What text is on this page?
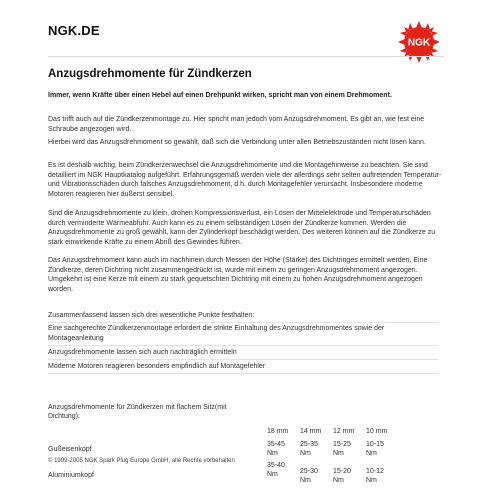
NGK.DE
NGK
Anzugsdrehmomente für Zündkerzen

Immer, wenn Kräfte über einen Hebel auf einen Drehpunkt wirken, spricht man von einem Drehmoment.

Das trifft auch auf die Zündkerzenmontage zu. Hier spricht man jedoch vom Anzugsdrehmoment. Es gibt an, wie fest eine Schraube angezogen wird.

Hierbei wird das Anzugsdrehmoment so gewählt, daß sich die Verbindung unter allen Betriebszuständen nicht lösen kann.

Es ist deshalb wichtig, beim Zündkerzenwechsel die Anzugsdrehmomente und die Montagehinweise zu beachten. Sie sind detailliert im NGK Hauptkatalog aufgeführt. Erfahrungsgemäß werden viele der allerdings sehr selten auftretenden Temperatur- und Vibrationsschäden durch falsches Anzugsdrehmoment, d.h. durch Montagefehler verursacht. Insbesondere moderne Motoren reagieren hier äußerst sensibel.

Sind die Anzugsdrehmomente zu klein, drohen Kompressionsverlust, ein Lösen der Mittelelektrode und Temperaturschäden durch verminderte Wärmeabfuhr. Auch kann es zu einem selbständigen Lösen der Zündkerze kommen. Werden die Anzugsdrehmomente zu groß gewählt, kann der Zylinderkopf beschädigt werden. Des weiteren können auf die Zündkerze zu stark einwirkende Kräfte zu einem Abriß des Gewindes führen.

Das Anzugsdrehmoment kann auch im nachhinein durch Messen der Höhe (Stärke) des Dichtringes ermittelt werden. Eine Zündkerze, deren Dichtring nicht zusammengedrückt ist, wurde mit einem zu geringen Anzugsdrehmoment angezogen. Umgekehrt ist eine Kerze mit einem zu stark gequetschten Dichtring mit einem zu hohen Anzugsdrehmoment angezogen worden.

Zusammenfassend lassen sich drei wesentliche Punkte festhalten:
Eine sachgerechte Zündkerzenmontage erfordert die strikte Einhaltung des Anzugsdrehmomentes sowie der Montageanleitung
Anzugsdrehmomente lassen sich auch nachträglich ermitteln
Moderne Motoren reagieren besonders empfindlich auf Montagefehler
Anzugsdrehmomente für Zündkerzen mit flachem Sitz(mit Dichtung):
18 mm 14 mm 12 mm 10 mm
Gußeisenkopf
35-45 Nm
25-35 Nm
15-25 Nm
10-15 Nm
Aluminiumkopf
35-40 Nm	25-30 Nm
15-20 Nm
10-12 Nm
© 1999-2005 NGK Spark Plug Europe GmbH, alle Rechte vorbehalten
